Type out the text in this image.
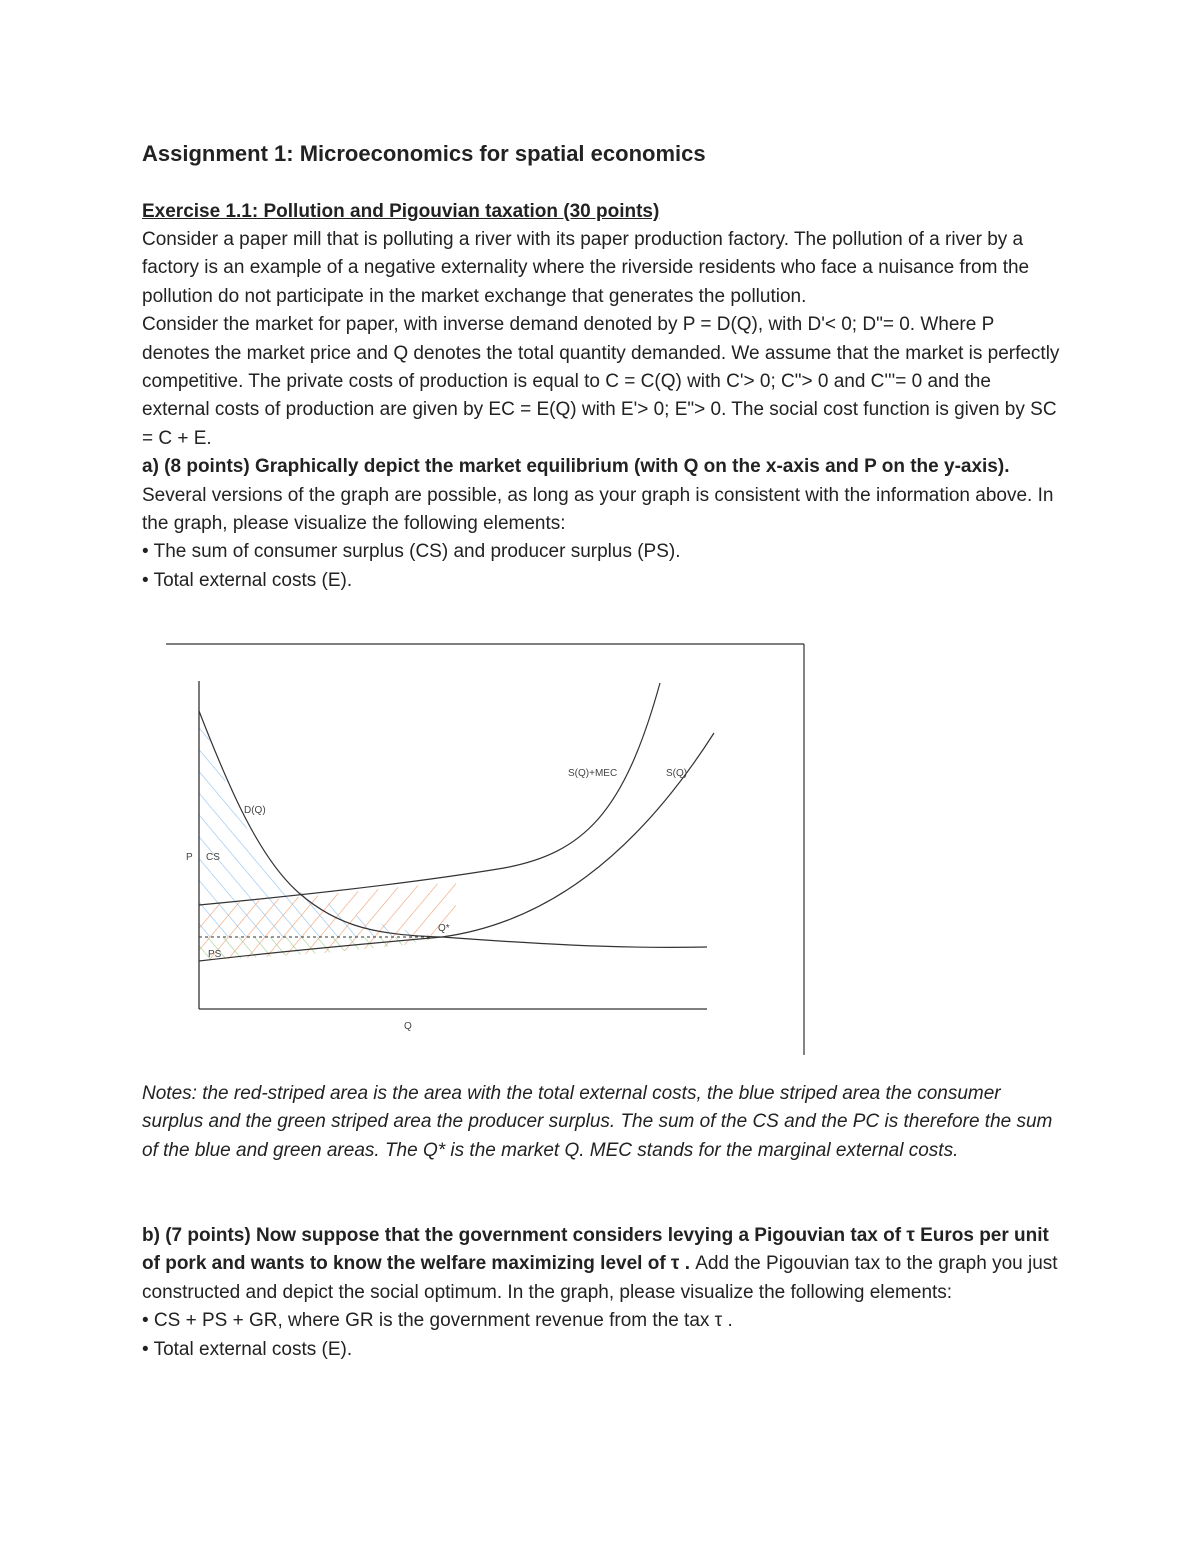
Assignment 1: Microeconomics for spatial economics
Exercise 1.1: Pollution and Pigouvian taxation (30 points)

Consider a paper mill that is polluting a river with its paper production factory. The pollution of a river by a factory is an example of a negative externality where the riverside residents who face a nuisance from the pollution do not participate in the market exchange that generates the pollution.

Consider the market for paper, with inverse demand denoted by P = D(Q), with D'< 0; D"= 0. Where P denotes the market price and Q denotes the total quantity demanded. We assume that the market is perfectly competitive. The private costs of production is equal to C = C(Q) with C'> 0; C"> 0 and C'''= 0 and the external costs of production are given by EC = E(Q) with E'> 0; E"> 0. The social cost function is given by SC = C + E.

a) (8 points) Graphically depict the market equilibrium (with Q on the x-axis and P on the y-axis). Several versions of the graph are possible, as long as your graph is consistent with the information above. In the graph, please visualize the following elements:

• The sum of consumer surplus (CS) and producer surplus (PS).
• Total external costs (E).
S(Q)+MEC	S(Q)
D(Q)
P CS
Q*
PS
Q

Notes: the red-striped area is the area with the total external costs, the blue striped area the consumer surplus and the green striped area the producer surplus. The sum of the CS and the PC is therefore the sum of the blue and green areas. The Q* is the market Q. MEC stands for the marginal external costs.

b) (7 points) Now suppose that the government considers levying a Pigouvian tax of τ Euros per unit of pork and wants to know the welfare maximizing level of τ . Add the Pigouvian tax to the graph you just constructed and depict the social optimum. In the graph, please visualize the following elements:

• CS + PS + GR, where GR is the government revenue from the tax τ .
• Total external costs (E).
